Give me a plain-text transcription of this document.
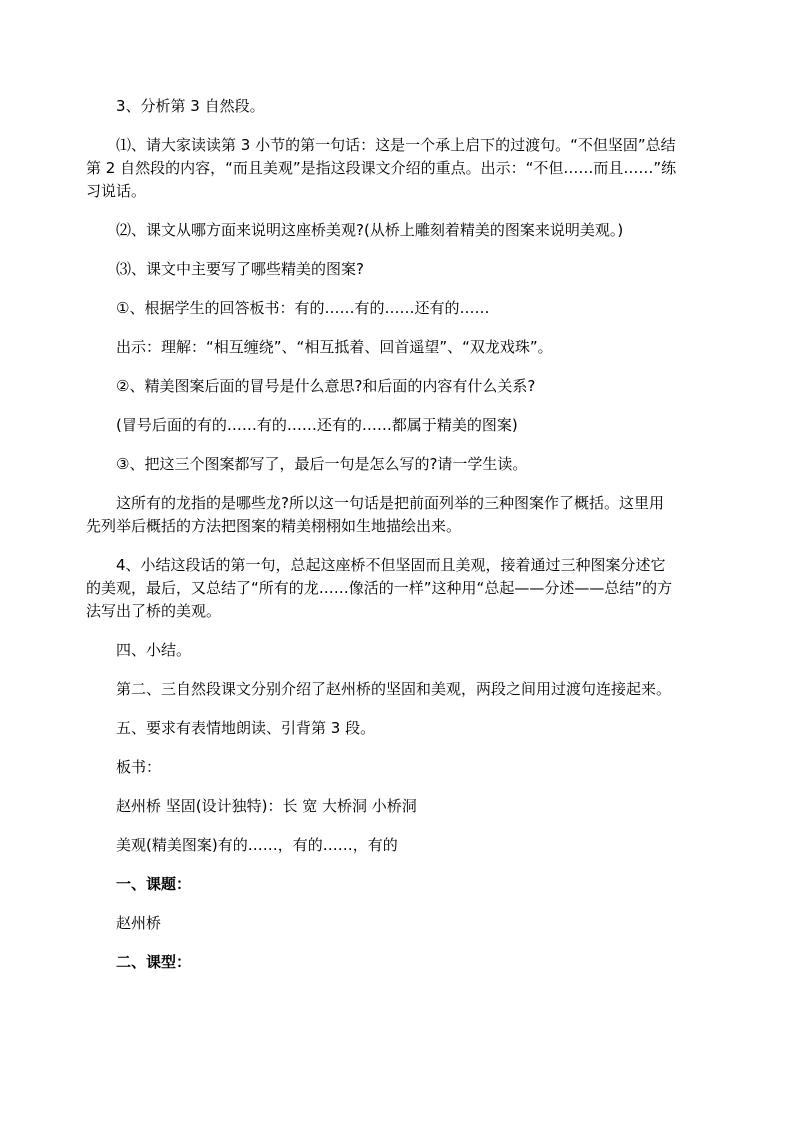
3、分析第 3 自然段。

⑴、请大家读读第 3 小节的第一句话：这是一个承上启下的过渡句。“不但坚固”总结第 2 自然段的内容，“而且美观”是指这段课文介绍的重点。出示：“不但……而且……”练习说话。

⑵、课文从哪方面来说明这座桥美观?(从桥上雕刻着精美的图案来说明美观。)

⑶、课文中主要写了哪些精美的图案?

①、根据学生的回答板书：有的……有的……还有的……

出示：理解：“相互缠绕”、“相互抵着、回首遥望”、“双龙戏珠”。

②、精美图案后面的冒号是什么意思?和后面的内容有什么关系?

(冒号后面的有的……有的……还有的……都属于精美的图案)

③、把这三个图案都写了，最后一句是怎么写的?请一学生读。

这所有的龙指的是哪些龙?所以这一句话是把前面列举的三种图案作了概括。这里用先列举后概括的方法把图案的精美栩栩如生地描绘出来。

4、小结这段话的第一句，总起这座桥不但坚固而且美观，接着通过三种图案分述它的美观，最后，又总结了“所有的龙……像活的一样”这种用“总起——分述——总结”的方法写出了桥的美观。

四、小结。

第二、三自然段课文分别介绍了赵州桥的坚固和美观，两段之间用过渡句连接起来。

五、要求有表情地朗读、引背第 3 段。

板书：

赵州桥 坚固(设计独特)：长 宽 大桥洞 小桥洞

美观(精美图案)有的……，有的……，有的

一、课题：

赵州桥

二、课型：
